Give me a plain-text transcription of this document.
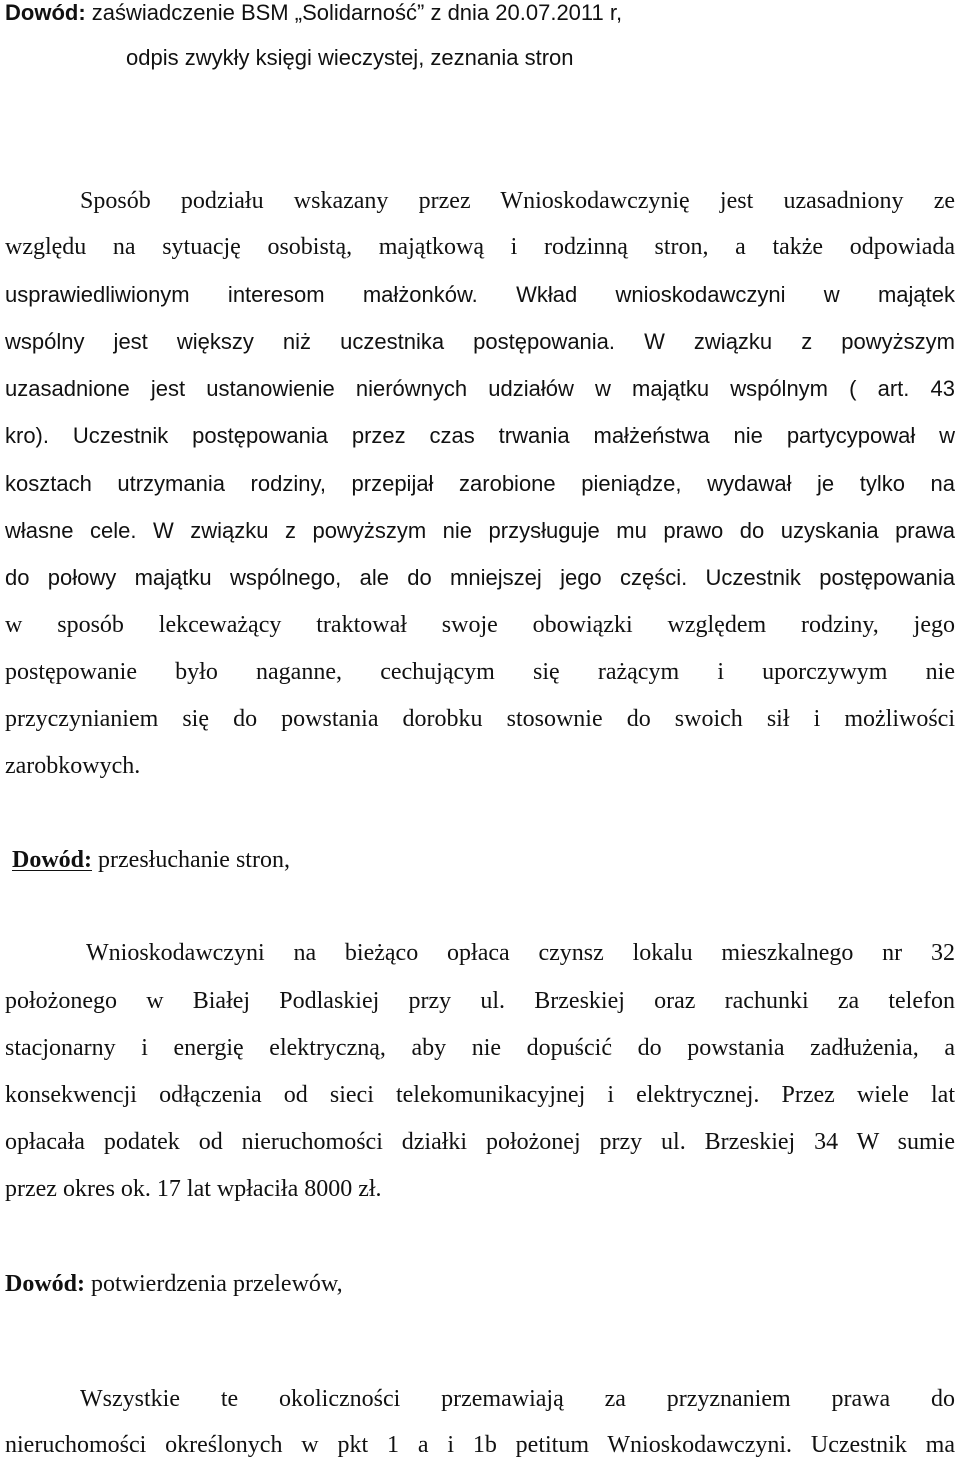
Dowód: zaświadczenie BSM „Solidarność” z dnia 20.07.2011 r,
odpis zwykły księgi wieczystej, zeznania stron
Sposób podziału wskazany przez Wnioskodawczynię jest uzasadniony ze
względu na sytuację osobistą, majątkową i rodzinną stron, a także odpowiada
usprawiedliwionym interesom małżonków. Wkład wnioskodawczyni w majątek
wspólny jest większy niż uczestnika postępowania. W związku z powyższym
uzasadnione jest ustanowienie nierównych udziałów w majątku wspólnym ( art. 43
kro). Uczestnik postępowania przez czas trwania małżeństwa nie partycypował w
kosztach utrzymania rodziny, przepijał zarobione pieniądze, wydawał je tylko na
własne cele. W związku z powyższym nie przysługuje mu prawo do uzyskania prawa
do połowy majątku wspólnego, ale do mniejszej jego części. Uczestnik postępowania
w sposób lekceważący traktował swoje obowiązki względem rodziny, jego
postępowanie było naganne, cechującym się rażącym i uporczywym nie
przyczynianiem się do powstania dorobku stosownie do swoich sił i możliwości
zarobkowych.
Dowód: przesłuchanie stron,
Wnioskodawczyni na bieżąco opłaca czynsz lokalu mieszkalnego nr 32
położonego w Białej Podlaskiej przy ul. Brzeskiej oraz rachunki za telefon
stacjonarny i energię elektryczną, aby nie dopuścić do powstania zadłużenia, a
konsekwencji odłączenia od sieci telekomunikacyjnej i elektrycznej. Przez wiele lat
opłacała podatek od nieruchomości działki położonej przy ul. Brzeskiej 34 W sumie
przez okres ok. 17 lat wpłaciła 8000 zł.
Dowód: potwierdzenia przelewów,
Wszystkie te okoliczności przemawiają za przyznaniem prawa do
nieruchomości określonych w pkt 1 a i 1b petitum Wnioskodawczyni. Uczestnik ma
